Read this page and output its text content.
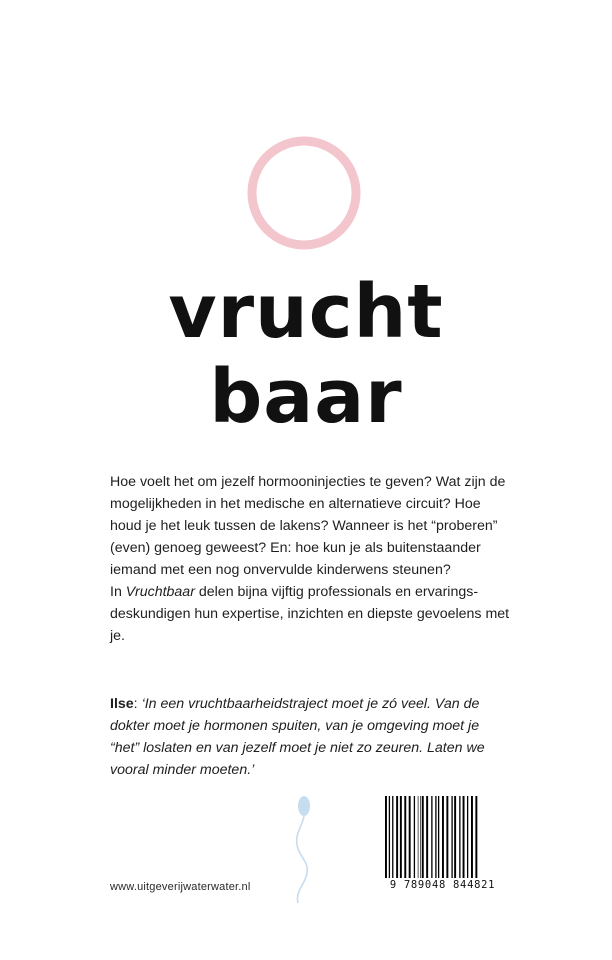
vrucht
baar

Hoe voelt het om jezelf hormooninjecties te geven? Wat zijn de mogelijkheden in het medische en alternatieve circuit? Hoe houd je het leuk tussen de lakens? Wanneer is het “proberen” (even) genoeg geweest? En: hoe kun je als buitenstaander iemand met een nog onvervulde kinderwens steunen?

In Vruchtbaar delen bijna vijftig professionals en ervaringsdeskundigen hun expertise, inzichten en diepste gevoelens met je.

Ilse: ‘In een vruchtbaarheidstraject moet je zó veel. Van de dokter moet je hormonen spuiten, van je omgeving moet je “het” loslaten en van jezelf moet je niet zo zeuren. Laten we vooral minder moeten.’
www.uitgeverijwaterwater.nl	9 789048 844821
